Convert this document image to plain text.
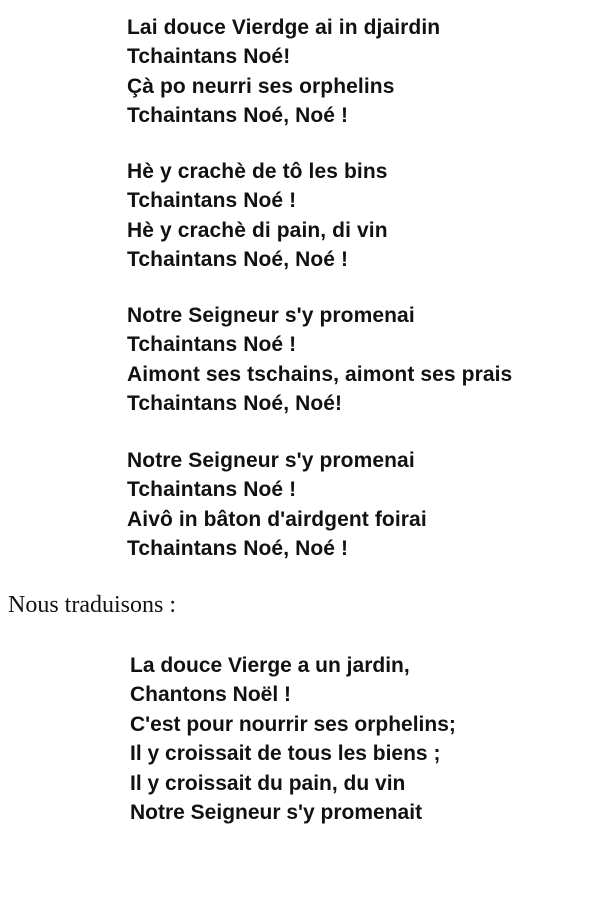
Lai douce Vierdge ai in djairdin
Tchaintans Noé!
Çà po neurri ses orphelins
Tchaintans Noé, Noé !
Hè y crachè de tô les bins
Tchaintans Noé !
Hè y crachè di pain, di vin
Tchaintans Noé, Noé !
Notre Seigneur s'y promenai
Tchaintans Noé !
Aimont ses tschains, aimont ses prais
Tchaintans Noé, Noé!
Notre Seigneur s'y promenai
Tchaintans Noé !
Aivô in bâton d'airdgent foirai
Tchaintans Noé, Noé !

Nous traduisons :

La douce Vierge a un jardin,
Chantons Noël !
C'est pour nourrir ses orphelins;
Il y croissait de tous les biens ;
Il y croissait du pain, du vin
Notre Seigneur s'y promenait
